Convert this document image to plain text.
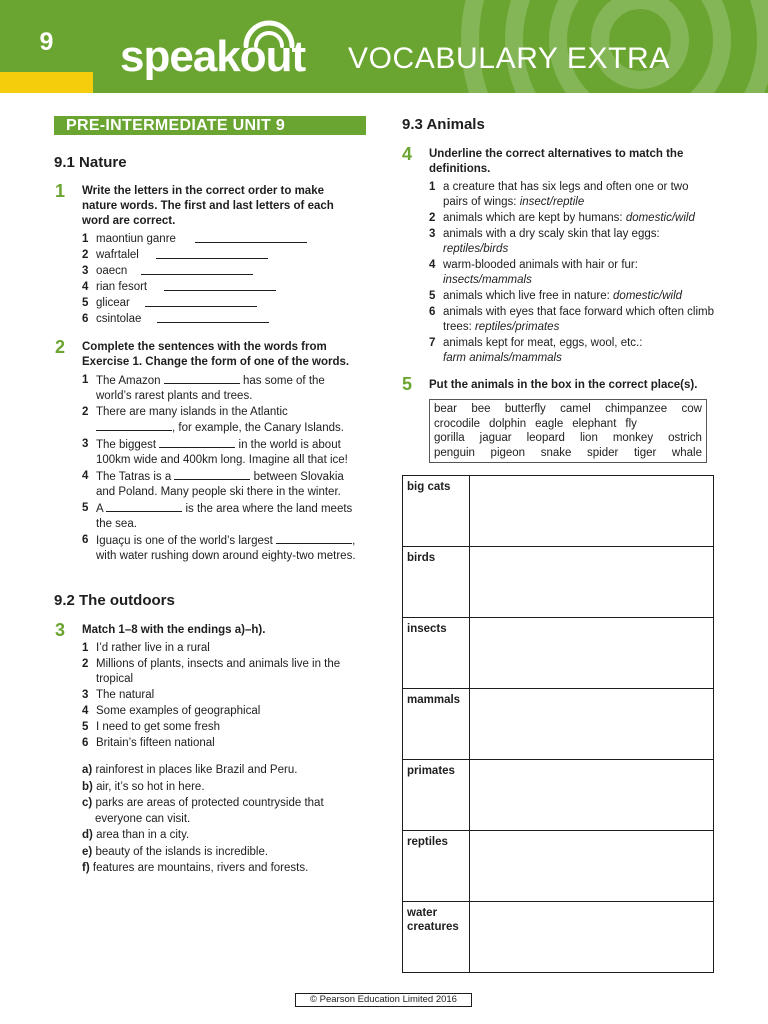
9	speakout VOCABULARY EXTRA
PRE-INTERMEDIATE UNIT 9
9.1 Nature
1 Write the letters in the correct order to make nature words. The first and last letters of each word are correct.
1 maontiun ganre
2 wafrtalel
3 oaecn
4 rian fesort
5 glicear
6 csintolae
2 Complete the sentences with the words from Exercise 1. Change the form of one of the words.
1 The Amazon	has some of the world’s rarest plants and trees.
2 There are many islands in the Atlantic
, for example, the Canary Islands.
3 The biggest	in the world is about 100km wide and 400km long. Imagine all that ice!
4 The Tatras is a	between Slovakia and Poland. Many people ski there in the winter.
5 A	is the area where the land meets the sea.
6 Iguaçu is one of the world’s largest	, with water rushing down around eighty-two metres.
9.2 The outdoors
3 Match 1–8 with the endings a)–h).
1 I’d rather live in a rural
2 Millions of plants, insects and animals live in the tropical
3 The natural
4 Some examples of geographical
5 I need to get some fresh
6 Britain’s fifteen national
a) rainforest in places like Brazil and Peru.
b) air, it’s so hot in here.
c) parks are areas of protected countryside that everyone can visit.
d) area than in a city.
e) beauty of the islands is incredible.
f) features are mountains, rivers and forests.
9.3 Animals
4 Underline the correct alternatives to match the definitions.
1 a creature that has six legs and often one or two pairs of wings: insect/reptile
2 animals which are kept by humans: domestic/wild
3 animals with a dry scaly skin that lay eggs: reptiles/birds
4 warm-blooded animals with hair or fur:
insects/mammals
5 animals which live free in nature: domestic/wild
6 animals with eyes that face forward which often climb trees: reptiles/primates
7 animals kept for meat, eggs, wool, etc.:
farm animals/mammals
5 Put the animals in the box in the correct place(s).
bear bee butterfly camel chimpanzee cow
crocodile dolphin eagle elephant fly
gorilla jaguar leopard lion monkey ostrich
penguin pigeon snake spider tiger whale
big cats	
birds	
insects	
mammals	
primates	
reptiles	
water creatures	
© Pearson Education Limited 2016
